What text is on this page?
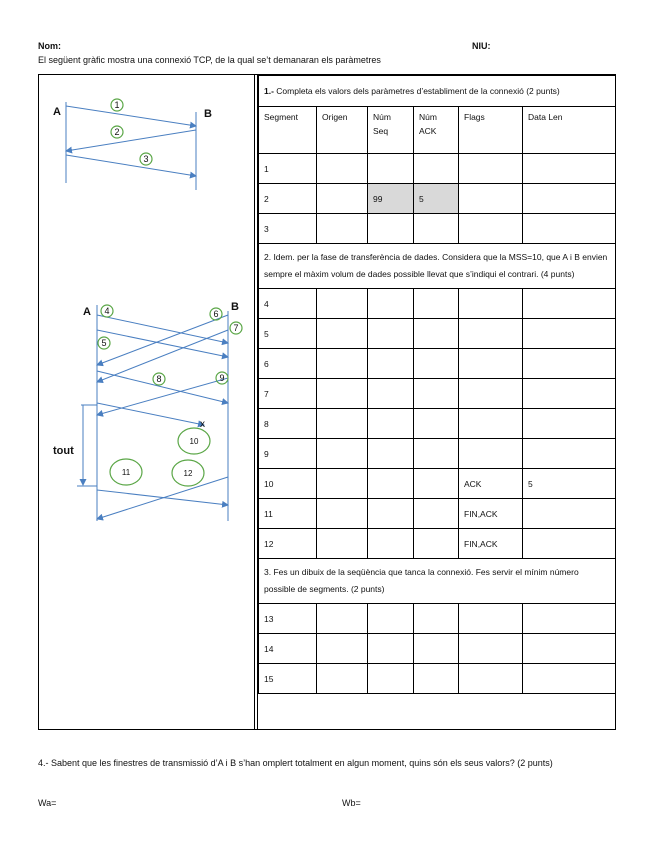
Nom:	NIU:
El següent gràfic mostra una connexió TCP, de la qual se’t demanaran els paràmetres
A	B
1
2
3
A	B
4
5
6
7
8	9
x
tout
10
11	12
1.- Completa els valors dels paràmetres d’establiment de la connexió (2 punts)					
Segment	Origen	Núm Seq	Núm ACK	Flags	Data Len
1					
2		99	5		
3					
2. Idem. per la fase de transferència de dades. Considera que la MSS=10, que A i B envien sempre el màxim volum de dades possible llevat que s’indiqui el contrari. (4 punts)					
4					
5					
6					
7					
8					
9					
10				ACK	5
11				FIN,ACK	
12				FIN,ACK	
3. Fes un dibuix de la seqüència que tanca la connexió. Fes servir el mínim número possible de segments. (2 punts)					
13					
14					
15					
4.- Sabent que les finestres de transmissió d’A i B s’han omplert totalment en algun moment, quins són els seus valors? (2 punts)
Wa=	Wb=
